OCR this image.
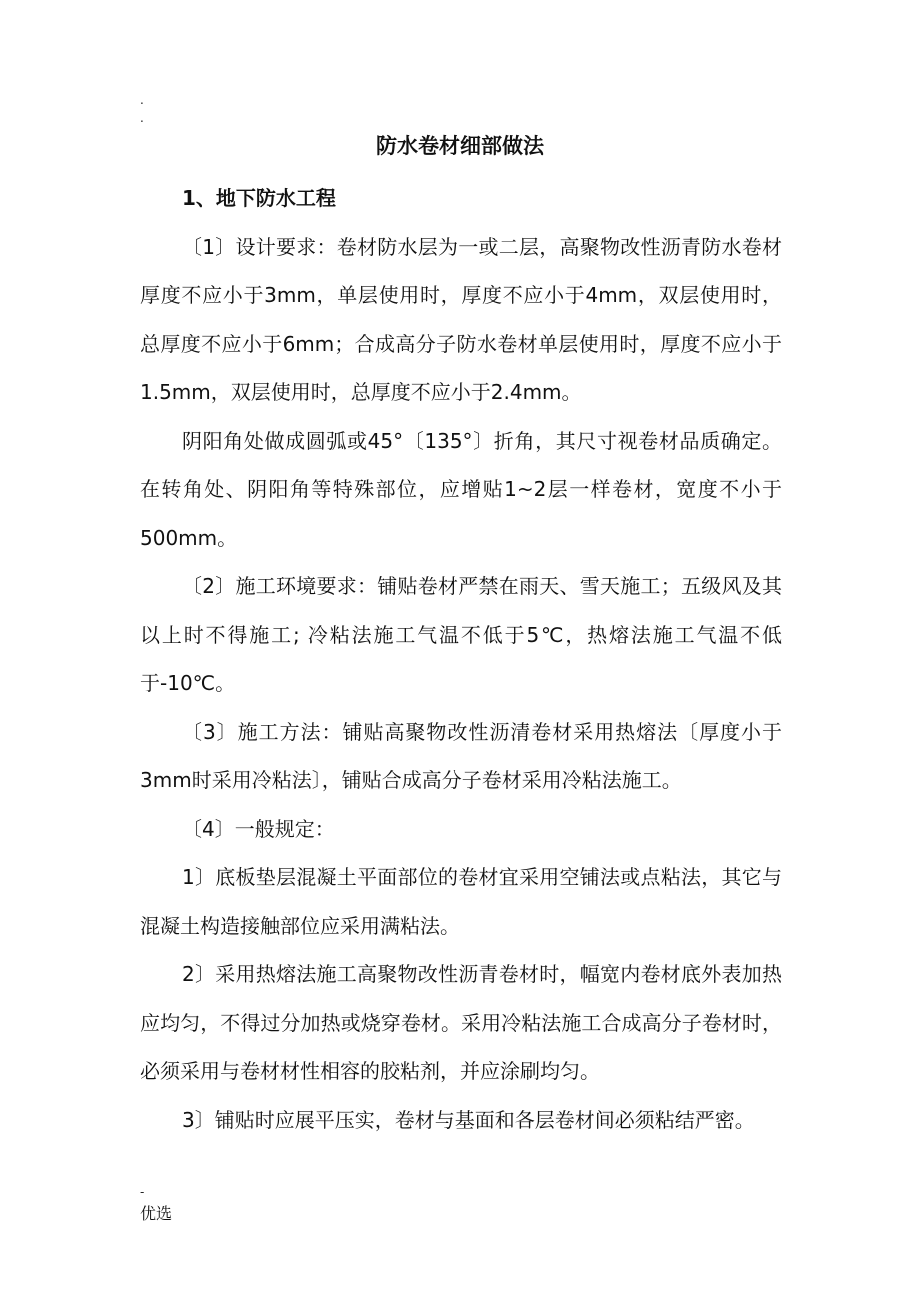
.
.
防水卷材细部做法

1、地下防水工程

〔1〕设计要求：卷材防水层为一或二层，高聚物改性沥青防水卷材厚度不应小于3mm，单层使用时，厚度不应小于4mm，双层使用时，总厚度不应小于6mm；合成高分子防水卷材单层使用时，厚度不应小于1.5mm，双层使用时，总厚度不应小于2.4mm。

阴阳角处做成圆弧或45°〔135°〕折角，其尺寸视卷材品质确定。在转角处、阴阳角等特殊部位，应增贴1~2层一样卷材，宽度不小于500mm。

〔2〕施工环境要求：铺贴卷材严禁在雨天、雪天施工；五级风及其以上时不得施工; 冷粘法施工气温不低于5℃，热熔法施工气温不低于-10℃。

〔3〕施工方法：铺贴高聚物改性沥清卷材采用热熔法〔厚度小于3mm时采用冷粘法〕，铺贴合成高分子卷材采用冷粘法施工。

〔4〕一般规定：

1〕底板垫层混凝土平面部位的卷材宜采用空铺法或点粘法，其它与混凝土构造接触部位应采用满粘法。

2〕采用热熔法施工高聚物改性沥青卷材时，幅宽内卷材底外表加热应均匀，不得过分加热或烧穿卷材。采用冷粘法施工合成高分子卷材时，必须采用与卷材材性相容的胶粘剂，并应涂刷均匀。

3〕铺贴时应展平压实，卷材与基面和各层卷材间必须粘结严密。

-
优选
